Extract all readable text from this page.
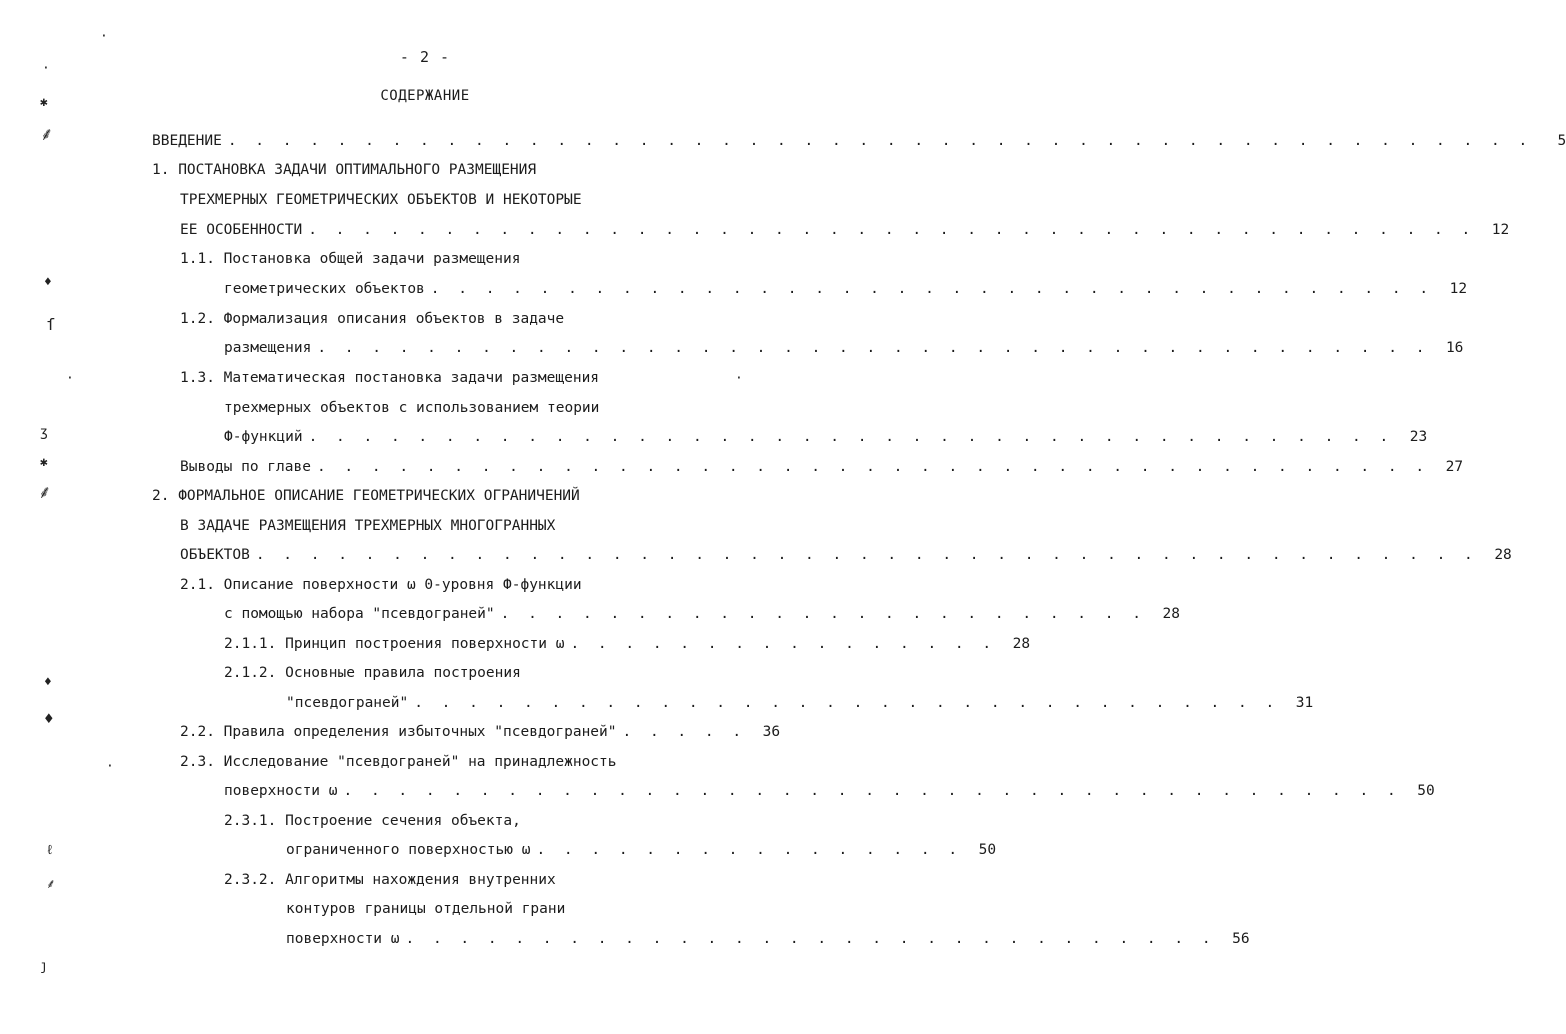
- 2 -
СОДЕРЖАНИЕ
ВВЕДЕНИЕ . . . . . . . . . . . . . . . . . . . . . . . . . . . . . . . . . . . . . . . . . . . . . . . .	5
1. ПОСТАНОВКА ЗАДАЧИ ОПТИМАЛЬНОГО РАЗМЕЩЕНИЯ
ТРЕХМЕРНЫХ ГЕОМЕТРИЧЕСКИХ ОБЪЕКТОВ И НЕКОТОРЫЕ
ЕЕ ОСОБЕННОСТИ . . . . . . . . . . . . . . . . . . . . . . . . . . . . . . . . . . . . . . . . . . .	12
1.1. Постановка общей задачи размещения
геометрических объектов . . . . . . . . . . . . . . . . . . . . . . . . . . . . . . . . . . . . .	12
1.2. Формализация описания объектов в задаче
размещения . . . . . . . . . . . . . . . . . . . . . . . . . . . . . . . . . . . . . . . . .	16
1.3. Математическая постановка задачи размещения
трехмерных объектов с использованием теории
Ф-функций . . . . . . . . . . . . . . . . . . . . . . . . . . . . . . . . . . . . . . . .	23
Выводы по главе . . . . . . . . . . . . . . . . . . . . . . . . . . . . . . . . . . . . . . . . .	27
2. ФОРМАЛЬНОЕ ОПИСАНИЕ ГЕОМЕТРИЧЕСКИХ ОГРАНИЧЕНИЙ
В ЗАДАЧЕ РАЗМЕЩЕНИЯ ТРЕХМЕРНЫХ МНОГОГРАННЫХ
ОБЪЕКТОВ . . . . . . . . . . . . . . . . . . . . . . . . . . . . . . . . . . . . . . . . . . . . .	28
2.1. Описание поверхности ω 0-уровня Ф-функции
с помощью набора "псевдограней" . . . . . . . . . . . . . . . . . . . . . . . .	28
2.1.1. Принцип построения поверхности ω . . . . . . . . . . . . . . . .	28
2.1.2. Основные правила построения
"псевдограней" . . . . . . . . . . . . . . . . . . . . . . . . . . . . . . . .	31
2.2. Правила определения избыточных "псевдограней" . . . . .	36
2.3. Исследование "псевдограней" на принадлежность
поверхности ω . . . . . . . . . . . . . . . . . . . . . . . . . . . . . . . . . . . . . . .	50
2.3.1. Построение сечения объекта,
ограниченного поверхностью ω . . . . . . . . . . . . . . . .	50
2.3.2. Алгоритмы нахождения внутренних
контуров границы отдельной грани
поверхности ω . . . . . . . . . . . . . . . . . . . . . . . . . . . . . .	56
·
·
✱
⸙
♦
ſ
·	·
ʒ
✱
⸙
♦
♦
·
ℓ
⸙
ȷ
